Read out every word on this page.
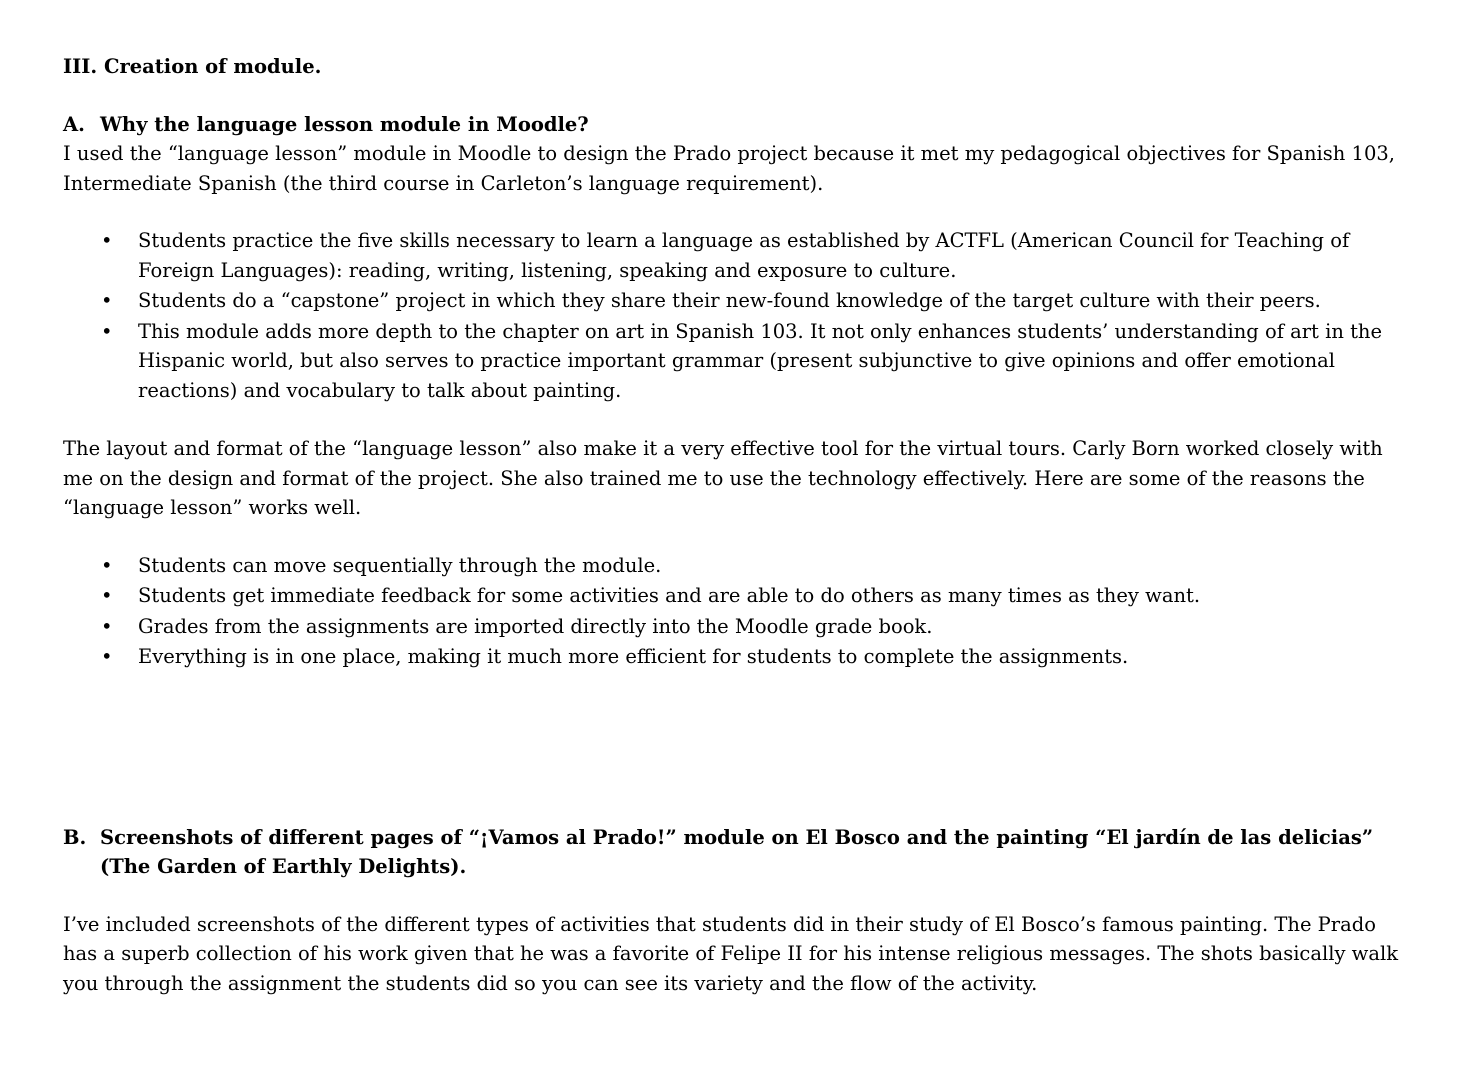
III. Creation of module.

A. Why the language lesson module in Moodle?

I used the “language lesson” module in Moodle to design the Prado project because it met my pedagogical objectives for Spanish 103, Intermediate Spanish (the third course in Carleton’s language requirement).

• Students practice the five skills necessary to learn a language as established by ACTFL (American Council for Teaching of Foreign Languages): reading, writing, listening, speaking and exposure to culture.
• Students do a “capstone” project in which they share their new-found knowledge of the target culture with their peers.
• This module adds more depth to the chapter on art in Spanish 103. It not only enhances students’ understanding of art in the Hispanic world, but also serves to practice important grammar (present subjunctive to give opinions and offer emotional reactions) and vocabulary to talk about painting.

The layout and format of the “language lesson” also make it a very effective tool for the virtual tours. Carly Born worked closely with me on the design and format of the project. She also trained me to use the technology effectively. Here are some of the reasons the “language lesson” works well.

• Students can move sequentially through the module.
• Students get immediate feedback for some activities and are able to do others as many times as they want.
• Grades from the assignments are imported directly into the Moodle grade book.
• Everything is in one place, making it much more efficient for students to complete the assignments.
B. Screenshots of different pages of “¡Vamos al Prado!” module on El Bosco and the painting “El jardín de las delicias” (The Garden of Earthly Delights).

I’ve included screenshots of the different types of activities that students did in their study of El Bosco’s famous painting. The Prado has a superb collection of his work given that he was a favorite of Felipe II for his intense religious messages. The shots basically walk you through the assignment the students did so you can see its variety and the flow of the activity.
